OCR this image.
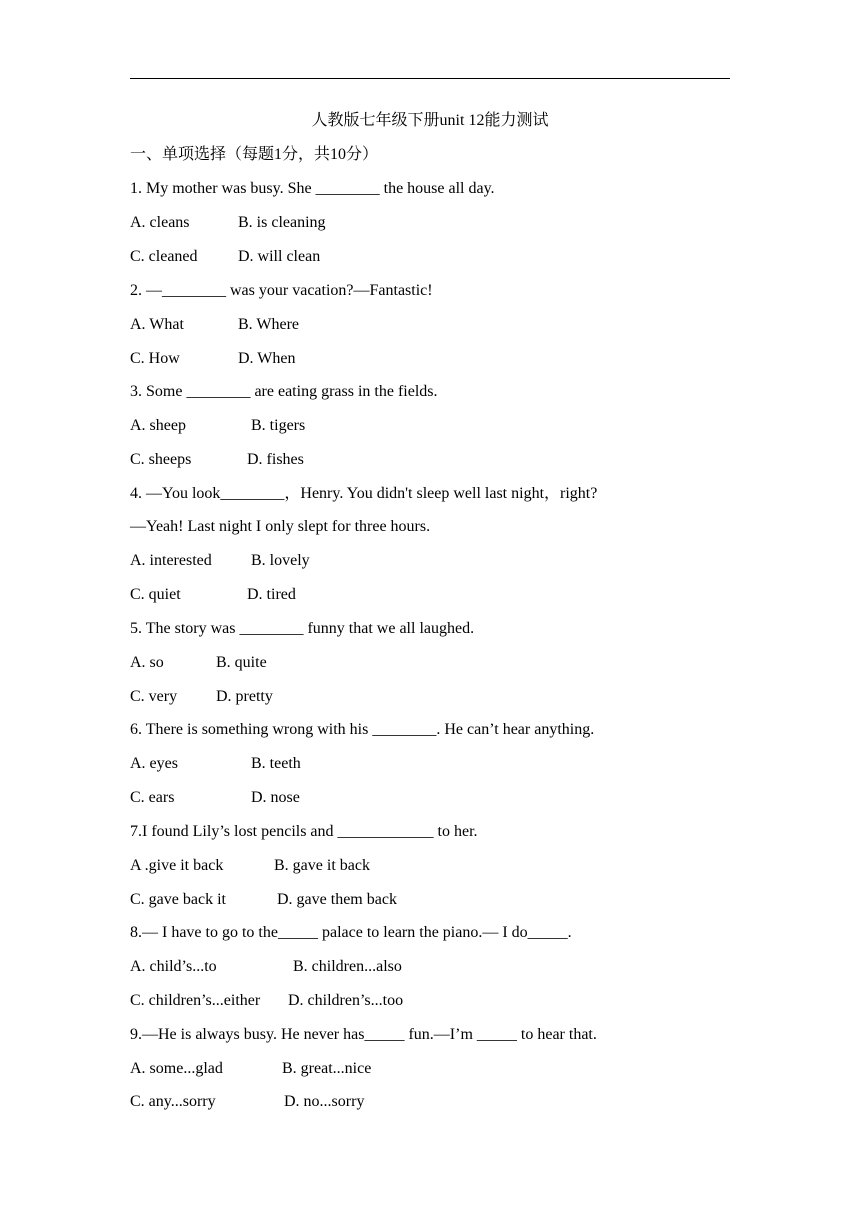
人教版七年级下册unit 12能力测试
一、单项选择（每题1分，共10分）
1. My mother was busy. She ________ the house all day.
A. cleans	B. is cleaning
C. cleaned	D. will clean
2. —________ was your vacation?—Fantastic!
A. What	B. Where
C. How	D. When
3. Some ________ are eating grass in the fields.
A. sheep	B. tigers
C. sheeps	D. fishes
4. —You look________，Henry. You didn't sleep well last night，right?
—Yeah! Last night I only slept for three hours.
A. interested B. lovely
C. quiet	D. tired
5. The story was ________ funny that we all laughed.
A. so	B. quite
C. very D. pretty
6. There is something wrong with his ________. He can’t hear anything.
A. eyes	B. teeth
C. ears	D. nose
7.I found Lily’s lost pencils and ____________ to her.
A .give it back	B. gave it back
C. gave back it	D. gave them back
8.— I have to go to the_____ palace to learn the piano.— I do_____.
A. child’s...to	B. children...also
C. children’s...either D. children’s...too
9.—He is always busy. He never has_____ fun.—I’m _____ to hear that.
A. some...glad	B. great...nice
C. any...sorry	D. no...sorry
